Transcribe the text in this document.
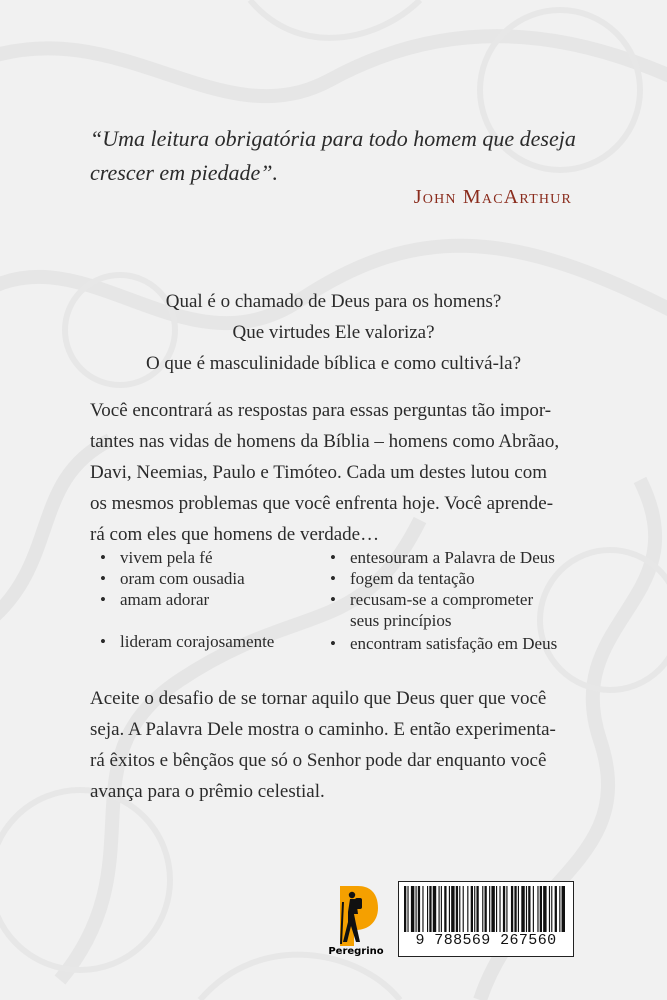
“Uma leitura obrigatória para todo homem que deseja
crescer em piedade”.
John MacArthur
Qual é o chamado de Deus para os homens?
Que virtudes Ele valoriza?
O que é masculinidade bíblica e como cultivá-la?
Você encontrará as respostas para essas perguntas tão impor-
tantes nas vidas de homens da Bíblia – homens como Abrãao,
Davi, Neemias, Paulo e Timóteo. Cada um destes lutou com
os mesmos problemas que você enfrenta hoje. Você aprende-
rá com eles que homens de verdade…
• vivem pela fé
• oram com ousadia
• amam adorar
• lideram corajosamente
• entesouram a Palavra de Deus
• fogem da tentação
• recusam-se a comprometer
seus princípios
• encontram satisfação em Deus
Aceite o desafio de se tornar aquilo que Deus quer que você
seja. A Palavra Dele mostra o caminho. E então experimenta-
rá êxitos e bênçãos que só o Senhor pode dar enquanto você
avança para o prêmio celestial.
Peregrino
9 788569 267560
